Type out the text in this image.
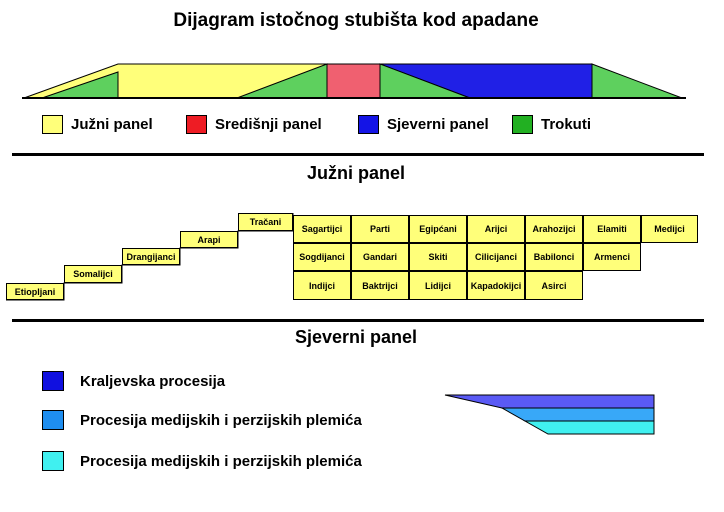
Dijagram istočnog stubišta kod apadane
Južni panel	Središnji panel	Sjeverni panel	Trokuti
Južni panel
Etiopljani
Somalijci
Drangijanci
Arapi
Tračani
Sagartijci	Parti	Egipćani	Arijci	Arahozijci	Elamiti	Medijci
Sogdijanci	Gandari	Skiti	Cilicijanci	Babilonci	Armenci
Indijci	Baktrijci	Lidijci	Kapadokijci	Asirci
Sjeverni panel
Kraljevska procesija
Procesija medijskih i perzijskih plemića
Procesija medijskih i perzijskih plemića
